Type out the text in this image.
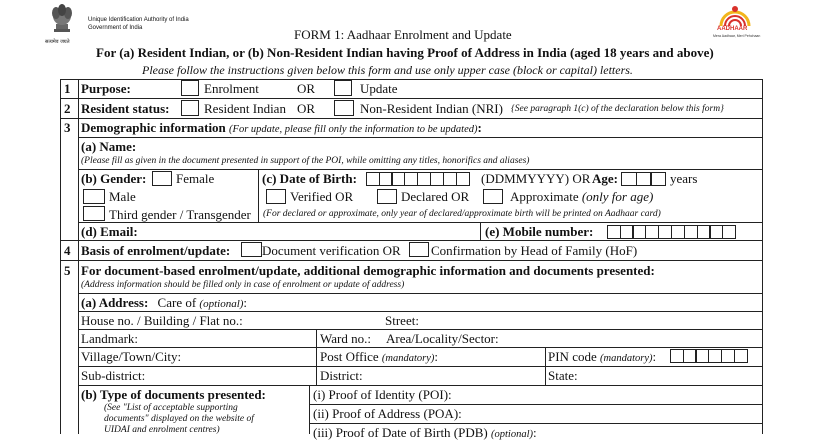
सत्यमेव जयते
Unique Identification Authority of India
Government of India	AADHAAR
Mera Aadhaar, Meri Pehchaan
FORM 1: Aadhaar Enrolment and Update
For (a) Resident Indian, or (b) Non-Resident Indian having Proof of Address in India (aged 18 years and above)
Please follow the instructions given below this form and use only upper case (block or capital) letters.
1 Purpose:	Enrolment	OR	Update
2 Resident status:	Resident Indian OR	Non-Resident Indian (NRI) {See paragraph 1(c) of the declaration below this form}
3 Demographic information (For update, please fill only the information to be updated):
(a) Name:
(Please fill as given in the document presented in support of the POI, while omitting any titles, honorifics and aliases)
(b) Gender: Female
Male
Third gender / Transgender
(c) Date of Birth:	(DDMMYYYY) OR Age:	years
Verified OR	Declared OR	Approximate (only for age)
(For declared or approximate, only year of declared/approximate birth will be printed on Aadhaar card)
(d) Email:	(e) Mobile number:
4 Basis of enrolment/update: Document verification OR Confirmation by Head of Family (HoF)
5 For document-based enrolment/update, additional demographic information and documents presented:
(Address information should be filled only in case of enrolment or update of address)
(a) Address: Care of (optional):
House no. / Building / Flat no.:	Street:
Landmark:	Ward no.: Area/Locality/Sector:
Village/Town/City:	Post Office (mandatory):	PIN code (mandatory):
Sub-district:	District:	State:
(b) Type of documents presented:
(See "List of acceptable supporting
documents" displayed on the website of
UIDAI and enrolment centres)
(i) Proof of Identity (POI):
(ii) Proof of Address (POA):
(iii) Proof of Date of Birth (PDB) (optional):
